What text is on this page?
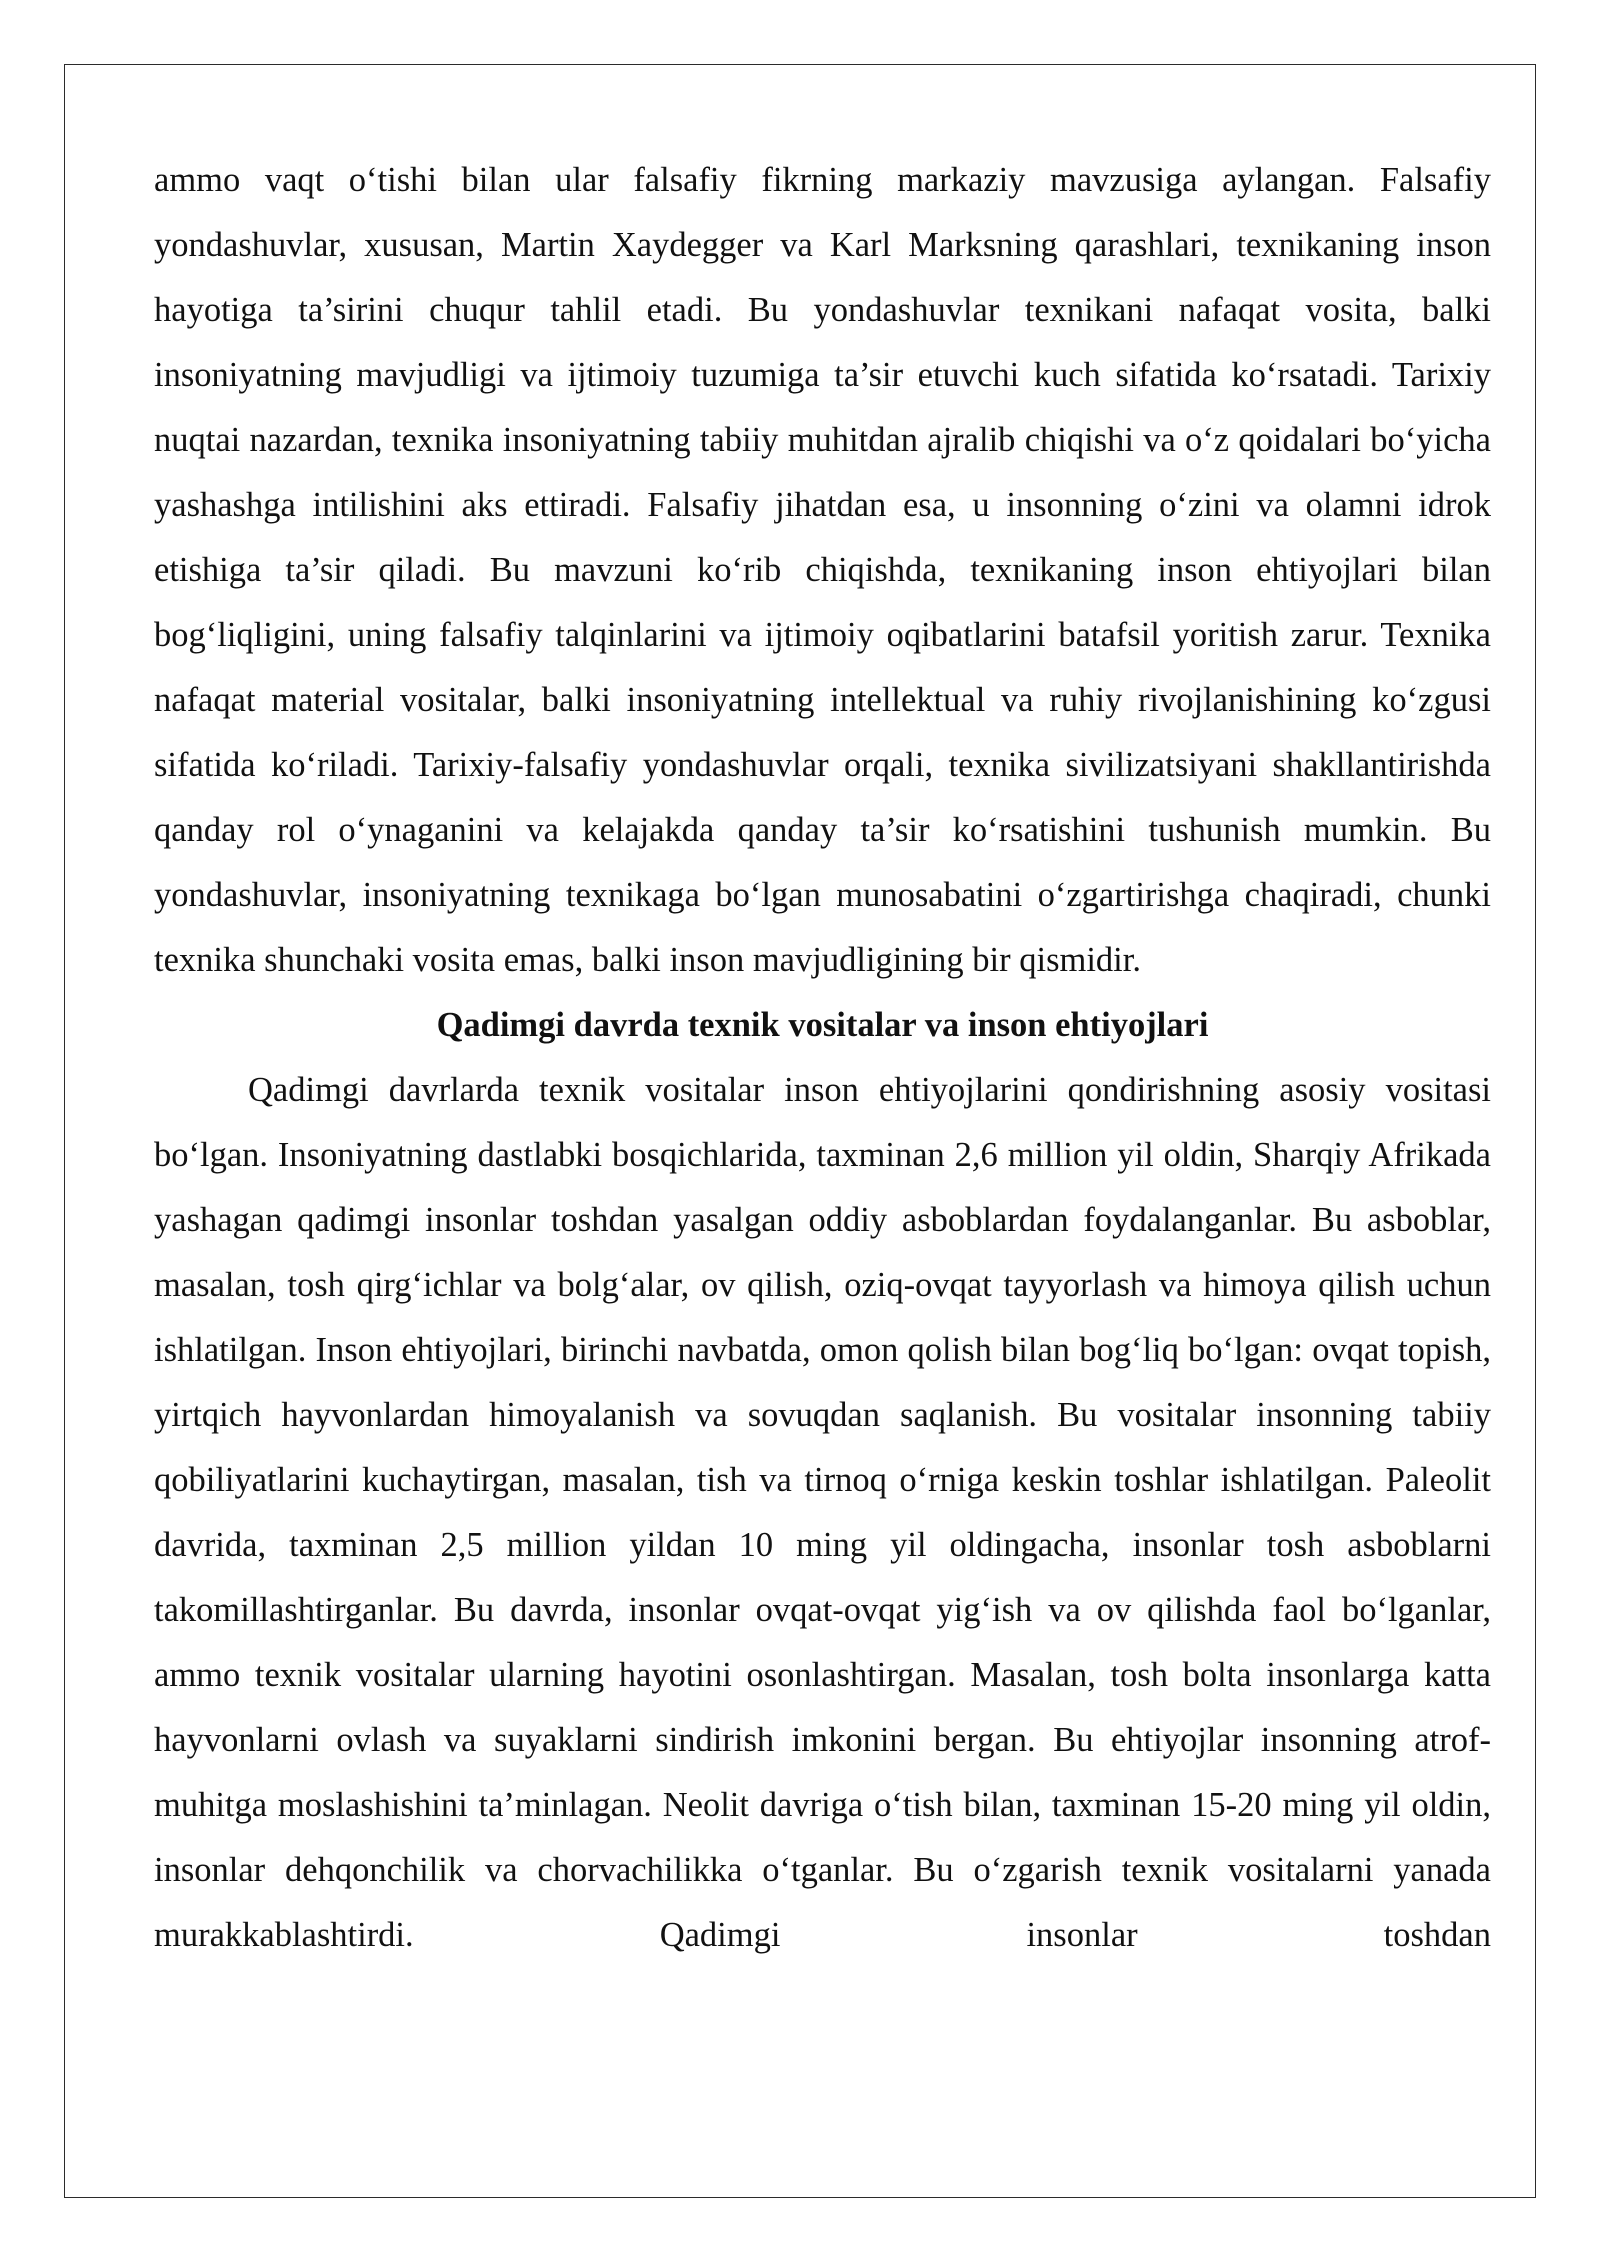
ammo vaqt o‘tishi bilan ular falsafiy fikrning markaziy mavzusiga aylangan. Falsafiy yondashuvlar, xususan, Martin Xaydegger va Karl Marksning qarashlari, texnikaning inson hayotiga ta’sirini chuqur tahlil etadi. Bu yondashuvlar texnikani nafaqat vosita, balki insoniyatning mavjudligi va ijtimoiy tuzumiga ta’sir etuvchi kuch sifatida ko‘rsatadi. Tarixiy nuqtai nazardan, texnika insoniyatning tabiiy muhitdan ajralib chiqishi va o‘z qoidalari bo‘yicha yashashga intilishini aks ettiradi. Falsafiy jihatdan esa, u insonning o‘zini va olamni idrok etishiga ta’sir qiladi. Bu mavzuni ko‘rib chiqishda, texnikaning inson ehtiyojlari bilan bog‘liqligini, uning falsafiy talqinlarini va ijtimoiy oqibatlarini batafsil yoritish zarur. Texnika nafaqat material vositalar, balki insoniyatning intellektual va ruhiy rivojlanishining ko‘zgusi sifatida ko‘riladi. Tarixiy-falsafiy yondashuvlar orqali, texnika sivilizatsiyani shakllantirishda qanday rol o‘ynaganini va kelajakda qanday ta’sir ko‘rsatishini tushunish mumkin. Bu yondashuvlar, insoniyatning texnikaga bo‘lgan munosabatini o‘zgartirishga chaqiradi, chunki texnika shunchaki vosita emas, balki inson mavjudligining bir qismidir.

Qadimgi davrda texnik vositalar va inson ehtiyojlari

Qadimgi davrlarda texnik vositalar inson ehtiyojlarini qondirishning asosiy vositasi bo‘lgan. Insoniyatning dastlabki bosqichlarida, taxminan 2,6 million yil oldin, Sharqiy Afrikada yashagan qadimgi insonlar toshdan yasalgan oddiy asboblardan foydalanganlar. Bu asboblar, masalan, tosh qirg‘ichlar va bolg‘alar, ov qilish, oziq-ovqat tayyorlash va himoya qilish uchun ishlatilgan. Inson ehtiyojlari, birinchi navbatda, omon qolish bilan bog‘liq bo‘lgan: ovqat topish, yirtqich hayvonlardan himoyalanish va sovuqdan saqlanish. Bu vositalar insonning tabiiy qobiliyatlarini kuchaytirgan, masalan, tish va tirnoq o‘rniga keskin toshlar ishlatilgan. Paleolit davrida, taxminan 2,5 million yildan 10 ming yil oldingacha, insonlar tosh asboblarni takomillashtirganlar. Bu davrda, insonlar ovqat-ovqat yig‘ish va ov qilishda faol bo‘lganlar, ammo texnik vositalar ularning hayotini osonlashtirgan. Masalan, tosh bolta insonlarga katta hayvonlarni ovlash va suyaklarni sindirish imkonini bergan. Bu ehtiyojlar insonning atrof-muhitga moslashishini ta’minlagan. Neolit davriga o‘tish bilan, taxminan 15-20 ming yil oldin, insonlar dehqonchilik va chorvachilikka o‘tganlar. Bu o‘zgarish texnik vositalarni yanada murakkablashtirdi. Qadimgi insonlar toshdan
